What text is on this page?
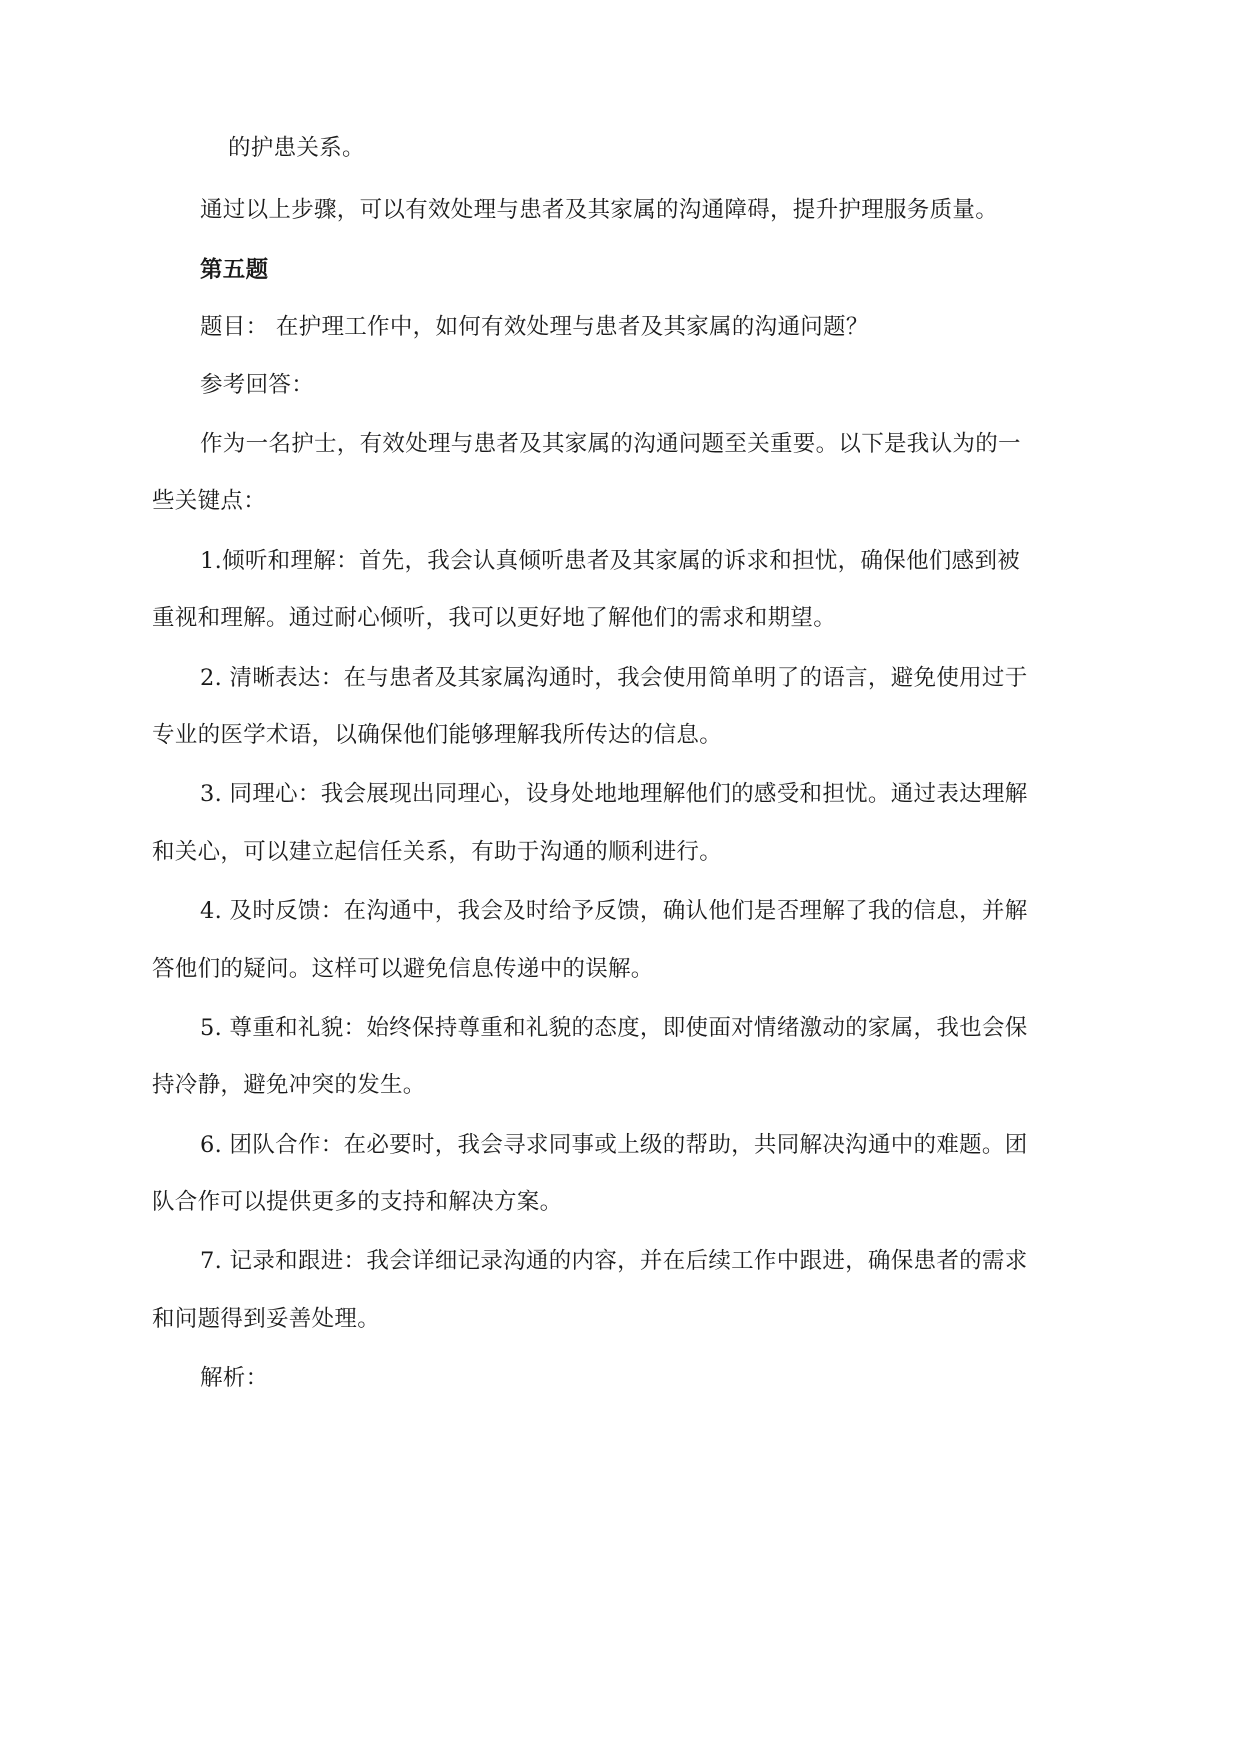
的护患关系。
通过以上步骤，可以有效处理与患者及其家属的沟通障碍，提升护理服务质量。
第五题
题目： 在护理工作中，如何有效处理与患者及其家属的沟通问题？
参考回答：
作为一名护士，有效处理与患者及其家属的沟通问题至关重要。以下是我认为的一
些关键点：
1.倾听和理解：首先，我会认真倾听患者及其家属的诉求和担忧，确保他们感到被
重视和理解。通过耐心倾听，我可以更好地了解他们的需求和期望。
2. 清晰表达：在与患者及其家属沟通时，我会使用简单明了的语言，避免使用过于
专业的医学术语，以确保他们能够理解我所传达的信息。
3. 同理心：我会展现出同理心，设身处地地理解他们的感受和担忧。通过表达理解
和关心，可以建立起信任关系，有助于沟通的顺利进行。
4. 及时反馈：在沟通中，我会及时给予反馈，确认他们是否理解了我的信息，并解
答他们的疑问。这样可以避免信息传递中的误解。
5. 尊重和礼貌：始终保持尊重和礼貌的态度，即使面对情绪激动的家属，我也会保
持冷静，避免冲突的发生。
6. 团队合作：在必要时，我会寻求同事或上级的帮助，共同解决沟通中的难题。团
队合作可以提供更多的支持和解决方案。
7. 记录和跟进：我会详细记录沟通的内容，并在后续工作中跟进，确保患者的需求
和问题得到妥善处理。
解析：
